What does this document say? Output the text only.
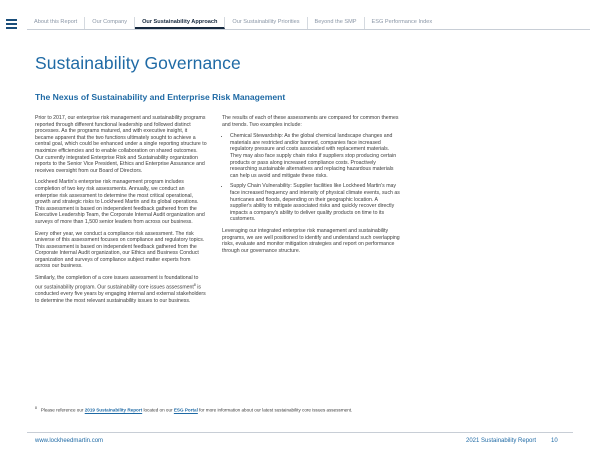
About this Report	Our Company	Our Sustainability Approach	Our Sustainability Priorities	Beyond the SMP	ESG Performance Index
Sustainability Governance
The Nexus of Sustainability and Enterprise Risk Management

Prior to 2017, our enterprise risk management and sustainability programs reported through different functional leadership and followed distinct processes. As the programs matured, and with executive insight, it became apparent that the two functions ultimately sought to achieve a central goal, which could be enhanced under a single reporting structure to maximize efficiencies and to enable collaboration on shared outcomes. Our currently integrated Enterprise Risk and Sustainability organization reports to the Senior Vice President, Ethics and Enterprise Assurance and receives oversight from our Board of Directors.

Lockheed Martin's enterprise risk management program includes completion of two key risk assessments. Annually, we conduct an enterprise risk assessment to determine the most critical operational, growth and strategic risks to Lockheed Martin and its global operations. This assessment is based on independent feedback gathered from the Executive Leadership Team, the Corporate Internal Audit organization and surveys of more than 1,500 senior leaders from across our business.

Every other year, we conduct a compliance risk assessment. The risk universe of this assessment focuses on compliance and regulatory topics. This assessment is based on independent feedback gathered from the Corporate Internal Audit organization, our Ethics and Business Conduct organization and surveys of compliance subject matter experts from across our business.

Similarly, the completion of a core issues assessment is foundational to our sustainability program. Our sustainability core issues assessment$^8$ is conducted every five years by engaging internal and external stakeholders to determine the most relevant sustainability issues to our business.

The results of each of these assessments are compared for common themes and trends. Two examples include:

• Chemical Stewardship: As the global chemical landscape changes and materials are restricted and/or banned, companies face increased regulatory pressure and costs associated with replacement materials. They may also face supply chain risks if suppliers stop producing certain products or pass along increased compliance costs. Proactively researching sustainable alternatives and replacing hazardous materials can help us avoid and mitigate these risks.
• Supply Chain Vulnerability: Supplier facilities like Lockheed Martin's may face increased frequency and intensity of physical climate events, such as hurricanes and floods, depending on their geographic location. A supplier's ability to mitigate associated risks and quickly recover directly impacts a company's ability to deliver quality products on time to its customers.

Leveraging our integrated enterprise risk management and sustainability programs, we are well positioned to identify and understand such overlapping risks, evaluate and monitor mitigation strategies and report on performance through our governance structure.

$^8$ Please reference our 2019 Sustainability Report located on our ESG Portal for more information about our latest sustainability core issues assessment.
www.lockheedmartin.com	2021 Sustainability Report 10
